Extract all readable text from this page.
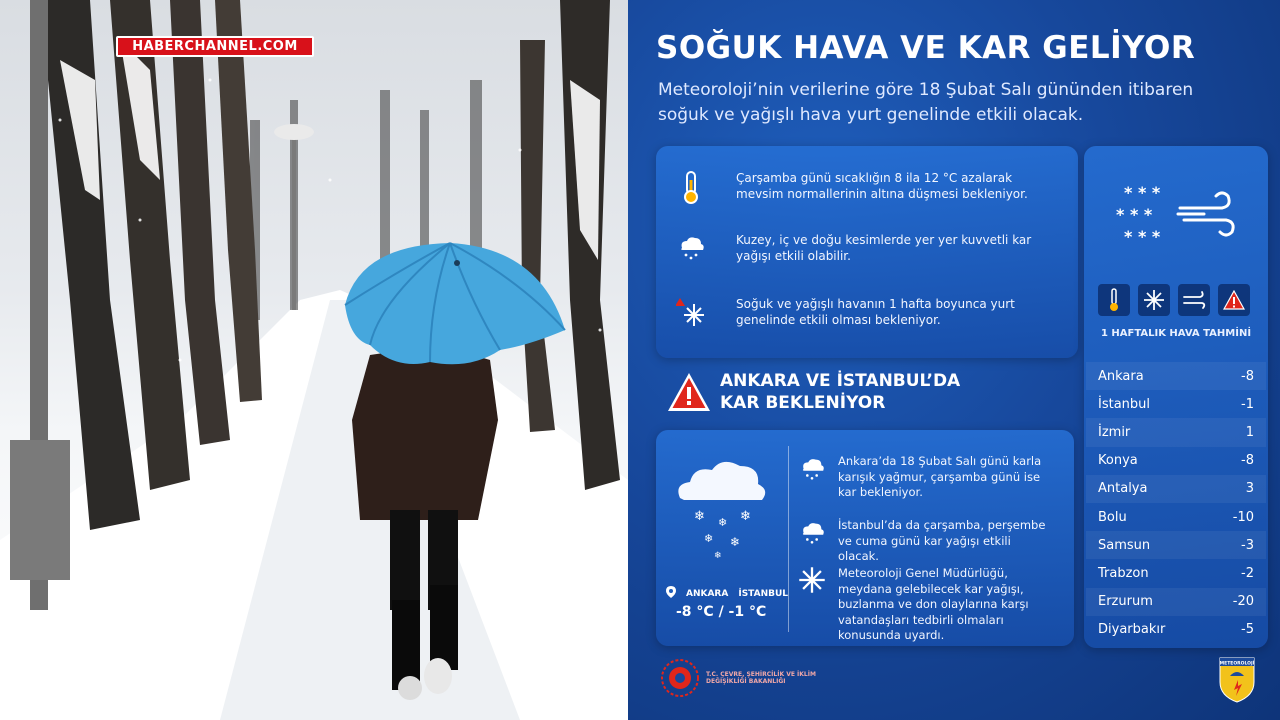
HABERCHANNEL.COM	SOĞUK HAVA VE KAR GELİYOR
Meteoroloji’nin verilerine göre 18 Şubat Salı gününden itibaren soğuk ve yağışlı hava yurt genelinde etkili olacak.
Çarşamba günü sıcaklığın 8 ila 12 °C azalarak mevsim normallerinin altına düşmesi bekleniyor.
Kuzey, iç ve doğu kesimlerde yer yer kuvvetli kar yağışı etkili olabilir.
Soğuk ve yağışlı havanın 1 hafta boyunca yurt genelinde etkili olması bekleniyor.
* * *
* * *
* * *
1 HAFTALIK HAVA TAHMİNİ
Ankara	-8
İstanbul	-1
İzmir	1
Konya	-8
Antalya	3
Bolu	-10
Samsun	-3
Trabzon	-2
Erzurum	-20
Diyarbakır	-5
ANKARA VE İSTANBUL’DA
KAR BEKLENİYOR
❄ ❄ ❄
❄ ❄
❄
ANKARA İSTANBUL
-8 °C / -1 °C
Ankara’da 18 Şubat Salı günü karla karışık yağmur, çarşamba günü ise kar bekleniyor.
İstanbul’da da çarşamba, perşembe ve cuma günü kar yağışı etkili olacak.
Meteoroloji Genel Müdürlüğü, meydana gelebilecek kar yağışı, buzlanma ve don olaylarına karşı vatandaşları tedbirli olmaları konusunda uyardı.
T.C. ÇEVRE, ŞEHİRCİLİK VE İKLİM DEĞİŞİKLİĞİ BAKANLIĞI
METEOROLOJİ
